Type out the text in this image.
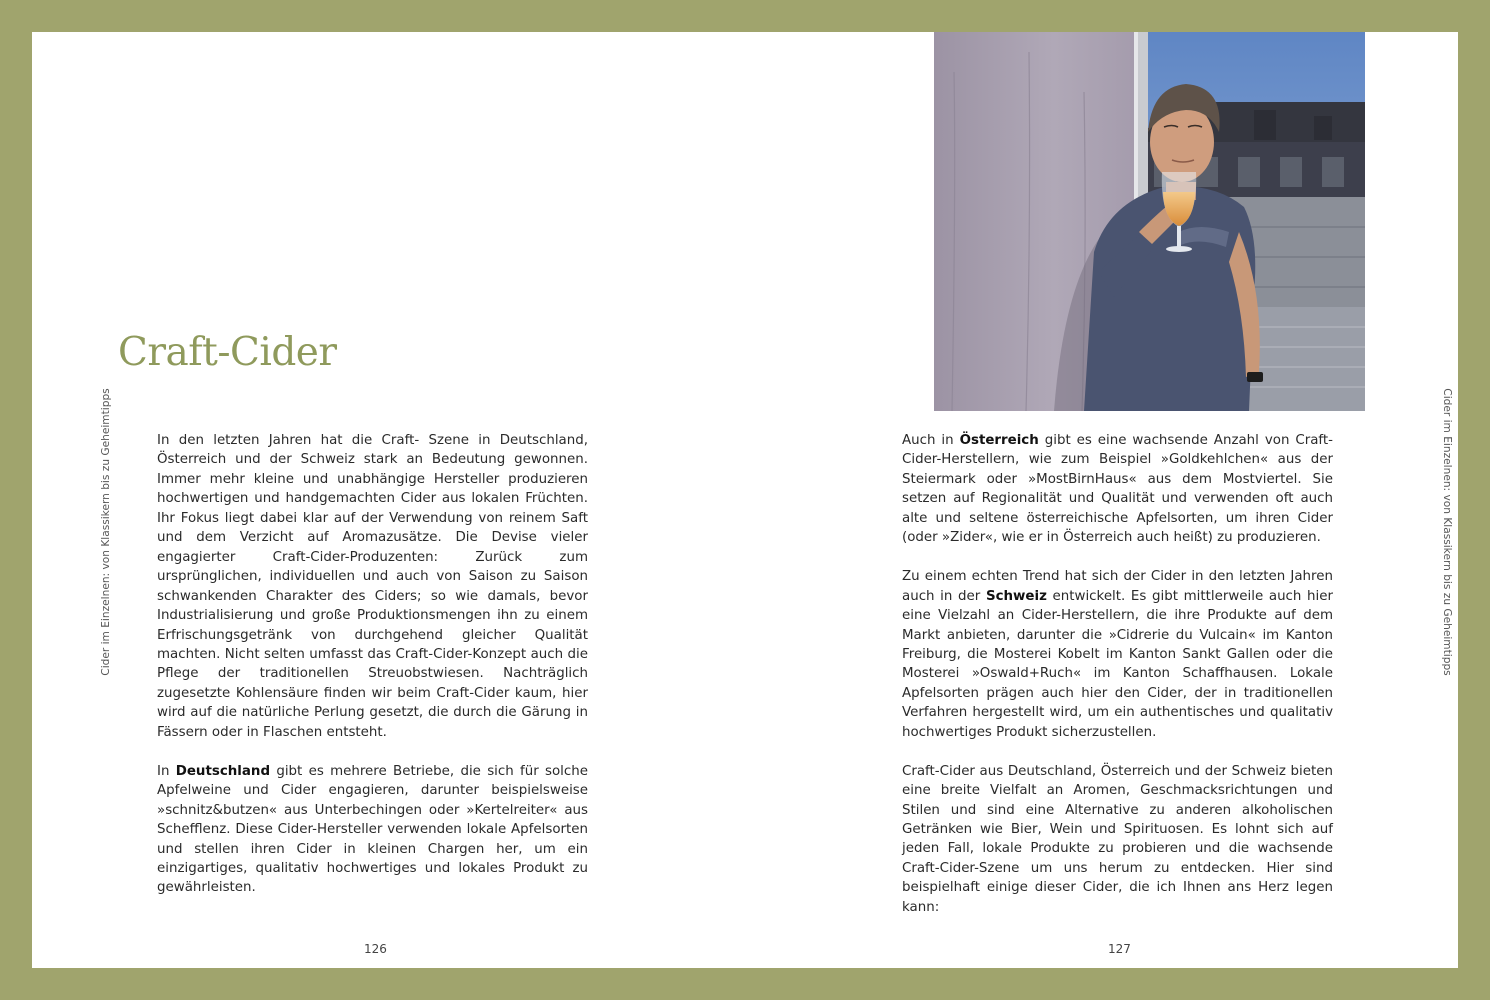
Cider im Einzelnen: von Klassikern bis zu Geheimtipps	Cider im Einzelnen: von Klassikern bis zu Geheimtipps
Craft-Cider

In den letzten Jahren hat die Craft- Szene in Deutschland, Österreich und der Schweiz stark an Bedeutung gewonnen. Immer mehr kleine und unabhängige Hersteller produzieren hochwertigen und handgemachten Cider aus lokalen Früchten. Ihr Fokus liegt dabei klar auf der Verwendung von reinem Saft und dem Verzicht auf Aromazusätze. Die Devise vieler engagierter Craft-Cider-Produzenten: Zurück zum ursprünglichen, individuellen und auch von Saison zu Saison schwankenden Charakter des Ciders; so wie damals, bevor Industrialisierung und große Produktionsmengen ihn zu einem Erfrischungsgetränk von durchgehend gleicher Qualität machten. Nicht selten umfasst das Craft-Cider-Konzept auch die Pflege der traditionellen Streuobstwiesen. Nachträglich zugesetzte Kohlensäure finden wir beim Craft-Cider kaum, hier wird auf die natürliche Perlung gesetzt, die durch die Gärung in Fässern oder in Flaschen entsteht.

In Deutschland gibt es mehrere Betriebe, die sich für solche Apfelweine und Cider engagieren, darunter beispielsweise »schnitz&butzen« aus Unterbechingen oder »Kertelreiter« aus Schefflenz. Diese Cider-Hersteller verwenden lokale Apfelsorten und stellen ihren Cider in kleinen Chargen her, um ein einzigartiges, qualitativ hochwertiges und lokales Produkt zu gewährleisten.

Auch in Österreich gibt es eine wachsende Anzahl von Craft-Cider-Herstellern, wie zum Beispiel »Goldkehlchen« aus der Steiermark oder »MostBirnHaus« aus dem Mostviertel. Sie setzen auf Regionalität und Qualität und verwenden oft auch alte und seltene österreichische Apfelsorten, um ihren Cider (oder »Zider«, wie er in Österreich auch heißt) zu produzieren.

Zu einem echten Trend hat sich der Cider in den letzten Jahren auch in der Schweiz entwickelt. Es gibt mittlerweile auch hier eine Vielzahl an Cider-Herstellern, die ihre Produkte auf dem Markt anbieten, darunter die »Cidrerie du Vulcain« im Kanton Freiburg, die Mosterei Kobelt im Kanton Sankt Gallen oder die Mosterei »Oswald+Ruch« im Kanton Schaffhausen. Lokale Apfelsorten prägen auch hier den Cider, der in traditionellen Verfahren hergestellt wird, um ein authentisches und qualitativ hochwertiges Produkt sicherzustellen.

Craft-Cider aus Deutschland, Österreich und der Schweiz bieten eine breite Vielfalt an Aromen, Geschmacksrichtungen und Stilen und sind eine Alternative zu anderen alkoholischen Getränken wie Bier, Wein und Spirituosen. Es lohnt sich auf jeden Fall, lokale Produkte zu probieren und die wachsende Craft-Cider-Szene um uns herum zu entdecken. Hier sind beispielhaft einige dieser Cider, die ich Ihnen ans Herz legen kann:

126	127
